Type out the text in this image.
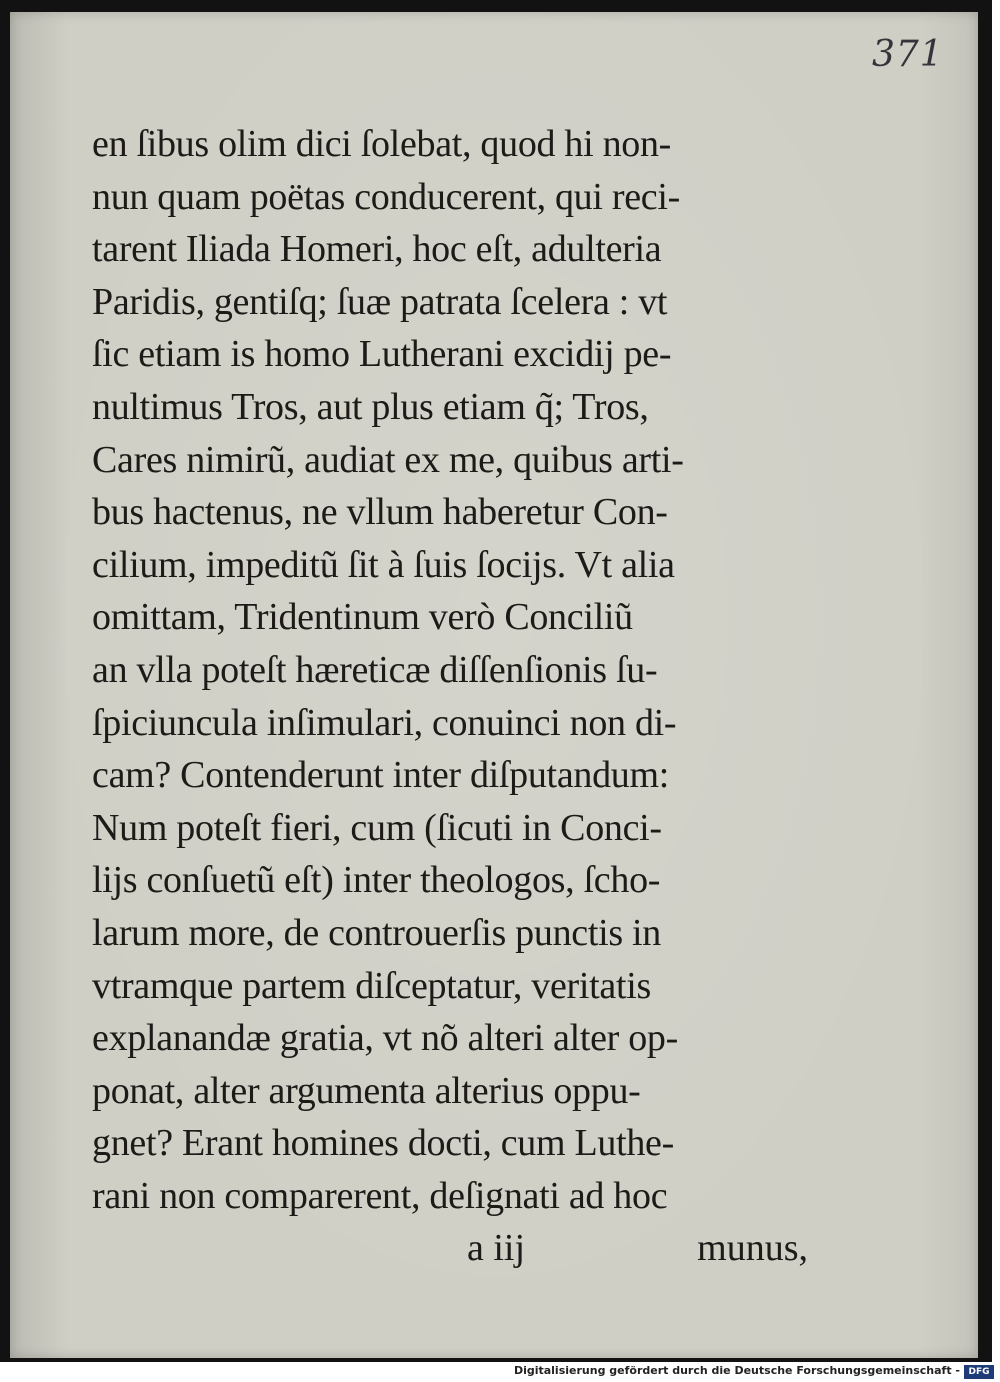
371
en ſibus olim dici ſolebat, quod hi non-
nun quam poëtas conducerent, qui reci-
tarent Iliada Homeri, hoc eſt, adulteria
Paridis, gentiſq; ſuæ patrata ſcelera : vt
ſic etiam is homo Lutherani excidij pe-
nultimus Tros, aut plus etiam q̃; Tros,
Cares nimirũ, audiat ex me, quibus arti-
bus hactenus, ne vllum haberetur Con-
cilium, impeditũ ſit à ſuis ſocijs. Vt alia
omittam, Tridentinum verò Conciliũ
an vlla poteſt hæreticæ diſſenſionis ſu-
ſpiciuncula inſimulari, conuinci non di-
cam? Contenderunt inter diſputandum:
Num poteſt fieri, cum (ſicuti in Conci-
lijs conſuetũ eſt) inter theologos, ſcho-
larum more, de controuerſis punctis in
vtramque partem diſceptatur, veritatis
explanandæ gratia, vt nõ alteri alter op-
ponat, alter argumenta alterius oppu-
gnet? Erant homines docti, cum Luthe-
rani non comparerent, deſignati ad hoc
a iij	munus,
Digitalisierung gefördert durch die Deutsche Forschungsgemeinschaft - DFG
